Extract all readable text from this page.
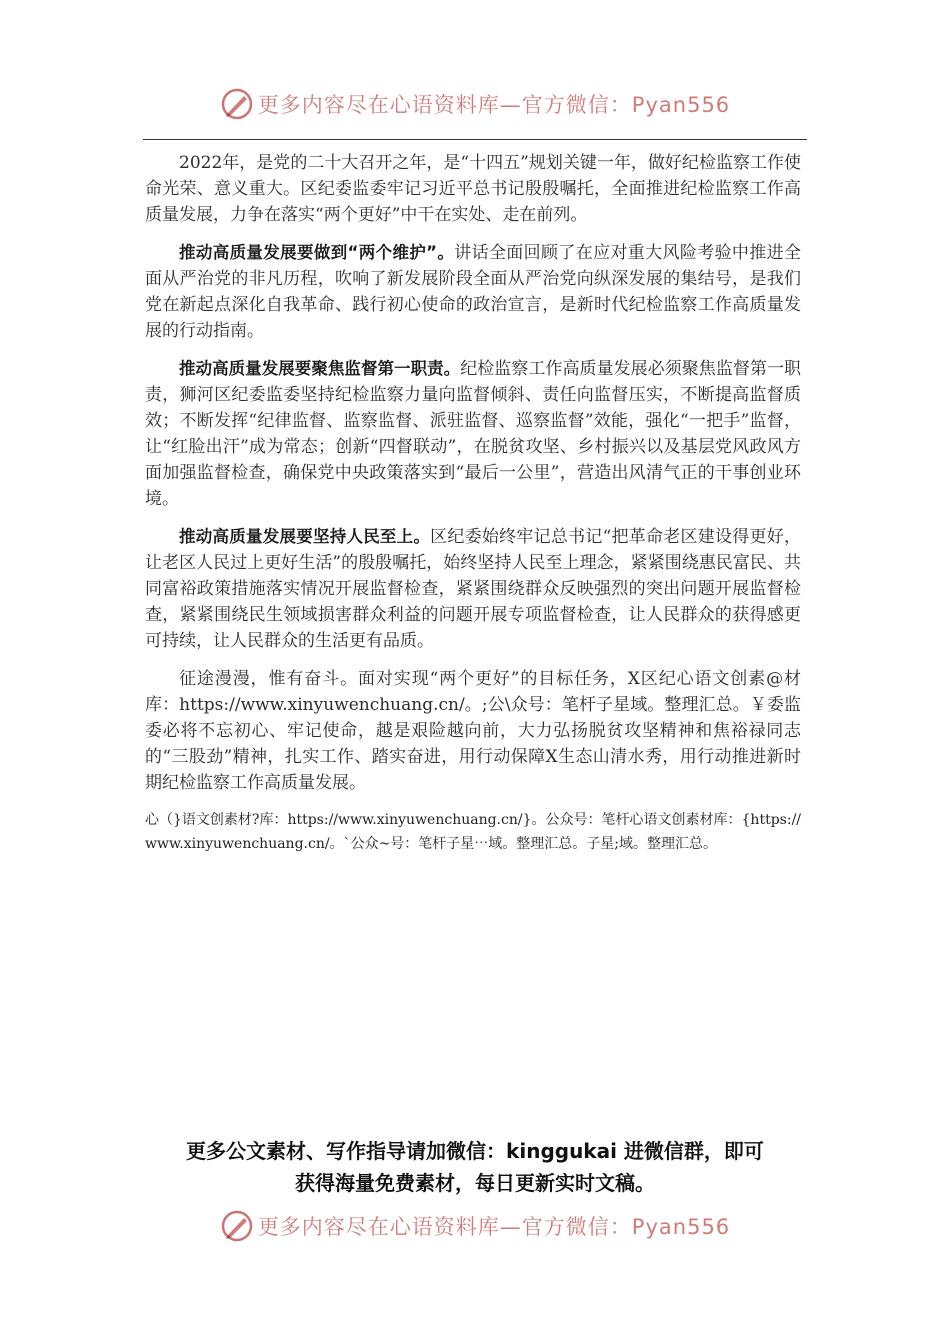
更多内容尽在心语资料库—官方微信：Pyan556

2022年，是党的二十大召开之年，是“十四五”规划关键一年，做好纪检监察工作使命光荣、意义重大。区纪委监委牢记习近平总书记殷殷嘱托，全面推进纪检监察工作高质量发展，力争在落实“两个更好”中干在实处、走在前列。

推动高质量发展要做到“两个维护”。讲话全面回顾了在应对重大风险考验中推进全面从严治党的非凡历程，吹响了新发展阶段全面从严治党向纵深发展的集结号，是我们党在新起点深化自我革命、践行初心使命的政治宣言，是新时代纪检监察工作高质量发展的行动指南。

推动高质量发展要聚焦监督第一职责。纪检监察工作高质量发展必须聚焦监督第一职责，狮河区纪委监委坚持纪检监察力量向监督倾斜、责任向监督压实，不断提高监督质效；不断发挥“纪律监督、监察监督、派驻监督、巡察监督”效能，强化“一把手”监督，让“红脸出汗”成为常态；创新“四督联动”，在脱贫攻坚、乡村振兴以及基层党风政风方面加强监督检查，确保党中央政策落实到“最后一公里”，营造出风清气正的干事创业环境。

推动高质量发展要坚持人民至上。区纪委始终牢记总书记“把革命老区建设得更好，让老区人民过上更好生活”的殷殷嘱托，始终坚持人民至上理念，紧紧围绕惠民富民、共同富裕政策措施落实情况开展监督检查，紧紧围绕群众反映强烈的突出问题开展监督检查，紧紧围绕民生领域损害群众利益的问题开展专项监督检查，让人民群众的获得感更可持续，让人民群众的生活更有品质。

征途漫漫，惟有奋斗。面对实现“两个更好”的目标任务，X区纪心语文创素@材库：https://www.xinyuwenchuang.cn/。;公\众号：笔杆子星域。整理汇总。￥委监委必将不忘初心、牢记使命，越是艰险越向前，大力弘扬脱贫攻坚精神和焦裕禄同志的“三股劲”精神，扎实工作、踏实奋进，用行动保障X生态山清水秀，用行动推进新时期纪检监察工作高质量发展。

心（}语文创素材?库：https://www.xinyuwenchuang.cn/}。公众号：笔杆心语文创素材库：{https://www.xinyuwenchuang.cn/。`公众~号：笔杆子星⋯域。整理汇总。子星;域。整理汇总。

更多公文素材、写作指导请加微信：kinggukai 进微信群，即可
获得海量免费素材，每日更新实时文稿。
更多内容尽在心语资料库—官方微信：Pyan556
